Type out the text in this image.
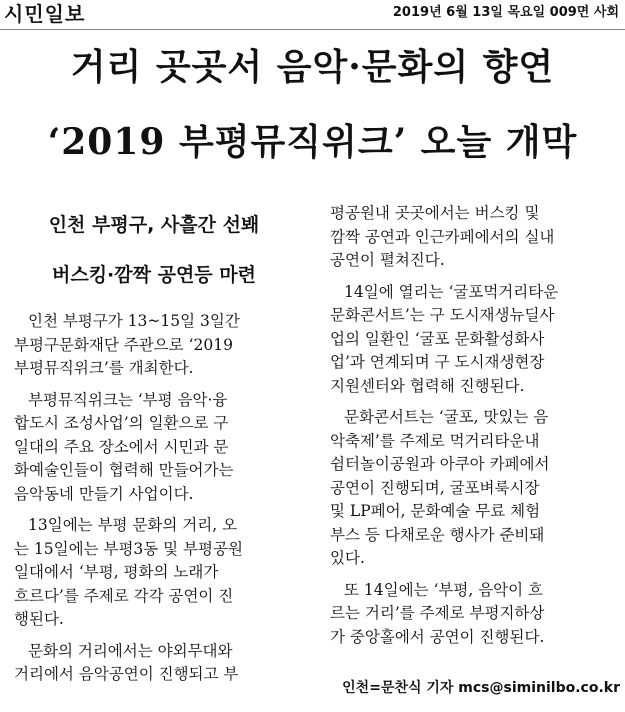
시민일보	2019년 6월 13일 목요일 009면 사회
거리 곳곳서 음악·문화의 향연
‘2019 부평뮤직위크’ 오늘 개막
인천 부평구, 사흘간 선봬
버스킹·깜짝 공연등 마련
인천 부평구가 13~15일 3일간
부평구문화재단 주관으로 ‘2019
부평뮤직위크’를 개최한다.
부평뮤직위크는 ‘부평 음악·융
합도시 조성사업’의 일환으로 구
일대의 주요 장소에서 시민과 문
화예술인들이 협력해 만들어가는
음악동네 만들기 사업이다.
13일에는 부평 문화의 거리, 오
는 15일에는 부평3동 및 부평공원
일대에서 ‘부평, 평화의 노래가
흐르다’를 주제로 각각 공연이 진
행된다.
문화의 거리에서는 야외무대와
거리에서 음악공연이 진행되고 부
평공원내 곳곳에서는 버스킹 및
깜짝 공연과 인근카페에서의 실내
공연이 펼쳐진다.
14일에 열리는 ‘굴포먹거리타운
문화콘서트’는 구 도시재생뉴딜사
업의 일환인 ‘굴포 문화활성화사
업’과 연계되며 구 도시재생현장
지원센터와 협력해 진행된다.
문화콘서트는 ‘굴포, 맛있는 음
악축제’를 주제로 먹거리타운내
쉼터놀이공원과 아쿠아 카페에서
공연이 진행되며, 굴포벼룩시장
및 LP페어, 문화예술 무료 체험
부스 등 다채로운 행사가 준비돼
있다.
또 14일에는 ‘부평, 음악이 흐
르는 거리’를 주제로 부평지하상
가 중앙홀에서 공연이 진행된다.
인천=문찬식 기자 mcs@siminilbo.co.kr
